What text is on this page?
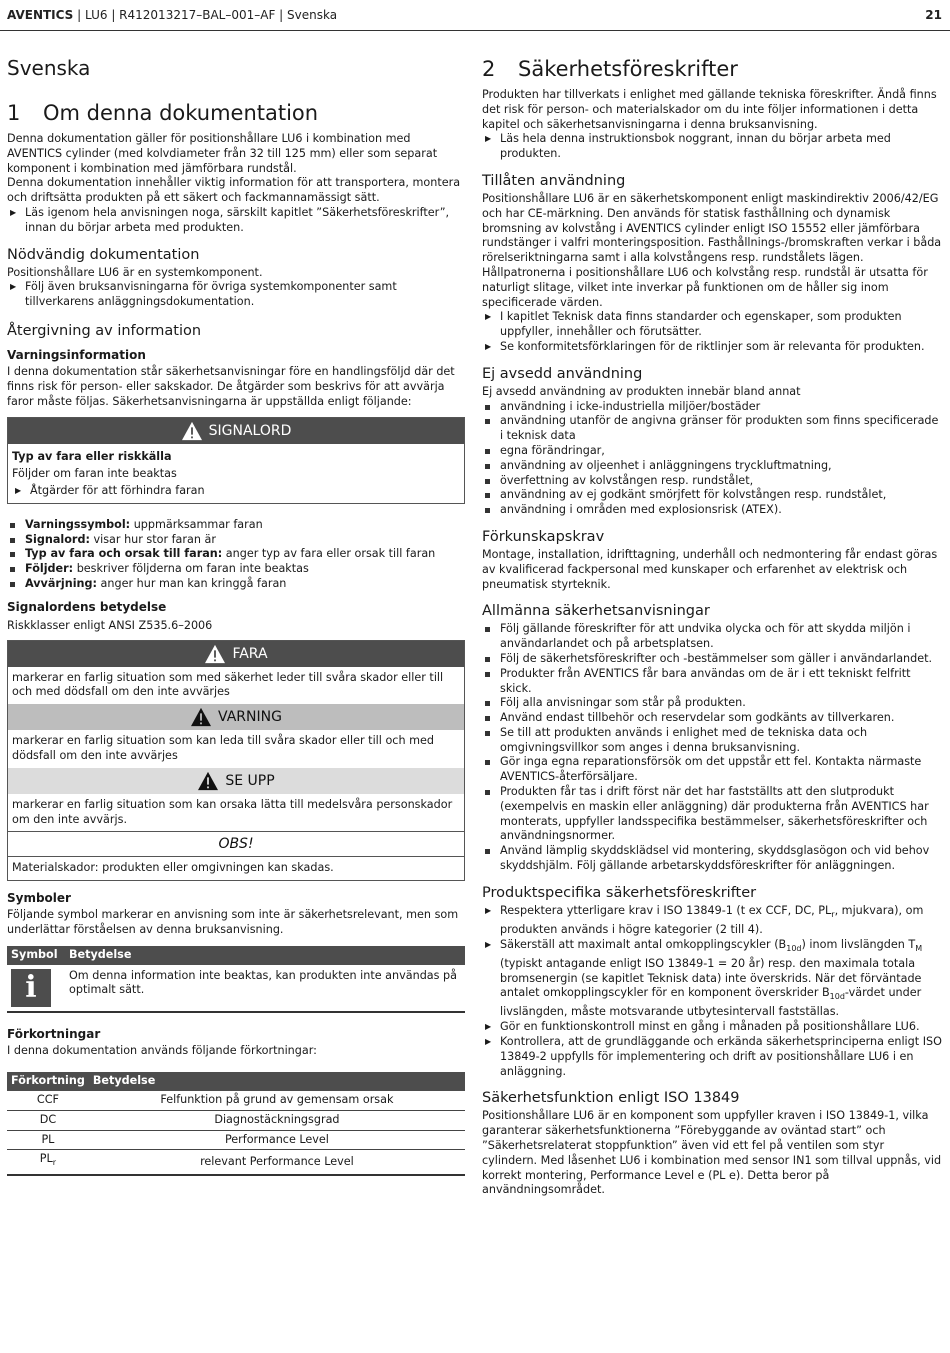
AVENTICS | LU6 | R412013217–BAL–001–AF | Svenska	21
Svenska
1 Om denna dokumentation

Denna dokumentation gäller för positionshållare LU6 i kombination med AVENTICS cylinder (med kolvdiameter från 32 till 125 mm) eller som separat komponent i kombination med jämförbara rundstål.

Denna dokumentation innehåller viktig information för att transportera, montera och driftsätta produkten på ett säkert och fackmannamässigt sätt.

▶ Läs igenom hela anvisningen noga, särskilt kapitlet ”Säkerhetsföreskrifter”, innan du börjar arbeta med produkten.
Nödvändig dokumentation

Positionshållare LU6 är en systemkomponent.

▶ Följ även bruksanvisningarna för övriga systemkomponenter samt tillverkarens anläggningsdokumentation.
Återgivning av information
Varningsinformation

I denna dokumentation står säkerhetsanvisningar före en handlingsföljd där det finns risk för person- eller sakskador. De åtgärder som beskrivs för att avvärja faror måste följas. Säkerhetsanvisningarna är uppställda enligt följande:

SIGNALORD
Typ av fara eller riskkälla
Följder om faran inte beaktas
▶ Åtgärder för att förhindra faran
Varningssymbol: uppmärksammar faran
Signalord: visar hur stor faran är
Typ av fara och orsak till faran: anger typ av fara eller orsak till faran
Följder: beskriver följderna om faran inte beaktas
Avvärjning: anger hur man kan kringgå faran
Signalordens betydelse

Riskklasser enligt ANSI Z535.6–2006

FARA
markerar en farlig situation som med säkerhet leder till svåra skador eller till och med dödsfall om den inte avvärjes
VARNING
markerar en farlig situation som kan leda till svåra skador eller till och med dödsfall om den inte avvärjes
SE UPP
markerar en farlig situation som kan orsaka lätta till medelsvåra personskador om den inte avvärjs.
OBS!
Materialskador: produkten eller omgivningen kan skadas.
Symboler

Följande symbol markerar en anvisning som inte är säkerhetsrelevant, men som underlättar förståelsen av denna bruksanvisning.

Symbol	Betydelse

i	Om denna information inte beaktas, kan produkten inte användas på optimalt sätt.
Förkortningar

I denna dokumentation används följande förkortningar:

Förkortning	Betydelse
CCF	Felfunktion på grund av gemensam orsak
DC	Diagnostäckningsgrad
PL	Performance Level
$PL_r$	relevant Performance Level
2 Säkerhetsföreskrifter

Produkten har tillverkats i enlighet med gällande tekniska föreskrifter. Ändå finns det risk för person- och materialskador om du inte följer informationen i detta kapitel och säkerhetsanvisningarna i denna bruksanvisning.

▶ Läs hela denna instruktionsbok noggrant, innan du börjar arbeta med produkten.
Tillåten användning

Positionshållare LU6 är en säkerhetskomponent enligt maskindirektiv 2006/42/EG och har CE-märkning. Den används för statisk fasthållning och dynamisk bromsning av kolvstång i AVENTICS cylinder enligt ISO 15552 eller jämförbara rundstänger i valfri monteringsposition. Fasthållnings-/bromskraften verkar i båda rörelseriktningarna samt i alla kolvstångens resp. rundstålets lägen. Hållpatronerna i positionshållare LU6 och kolvstång resp. rundstål är utsatta för naturligt slitage, vilket inte inverkar på funktionen om de håller sig inom specificerade värden.

▶ I kapitlet Teknisk data finns standarder och egenskaper, som produkten uppfyller, innehåller och förutsätter.
▶ Se konformitetsförklaringen för de riktlinjer som är relevanta för produkten.
Ej avsedd användning

Ej avsedd användning av produkten innebär bland annat

användning i icke-industriella miljöer/bostäder
användning utanför de angivna gränser för produkten som finns specificerade i teknisk data
egna förändringar,
användning av oljeenhet i anläggningens tryckluftmatning,
överfettning av kolvstången resp. rundstålet,
användning av ej godkänt smörjfett för kolvstången resp. rundstålet,
användning i områden med explosionsrisk (ATEX).
Förkunskapskrav

Montage, installation, idrifttagning, underhåll och nedmontering får endast göras av kvalificerad fackpersonal med kunskaper och erfarenhet av elektrisk och pneumatisk styrteknik.

Allmänna säkerhetsanvisningar
Följ gällande föreskrifter för att undvika olycka och för att skydda miljön i användarlandet och på arbetsplatsen.
Följ de säkerhetsföreskrifter och -bestämmelser som gäller i användarlandet.
Produkter från AVENTICS får bara användas om de är i ett tekniskt felfritt skick.
Följ alla anvisningar som står på produkten.
Använd endast tillbehör och reservdelar som godkänts av tillverkaren.
Se till att produkten används i enlighet med de tekniska data och omgivningsvillkor som anges i denna bruksanvisning.
Gör inga egna reparationsförsök om det uppstår ett fel. Kontakta närmaste AVENTICS-återförsäljare.
Produkten får tas i drift först när det har fastställts att den slutprodukt (exempelvis en maskin eller anläggning) där produkterna från AVENTICS har monterats, uppfyller landsspecifika bestämmelser, säkerhetsföreskrifter och användningsnormer.
Använd lämplig skyddsklädsel vid montering, skyddsglasögon och vid behov skyddshjälm. Följ gällande arbetarskyddsföreskrifter för anläggningen.
Produktspecifika säkerhetsföreskrifter
▶ Respektera ytterligare krav i ISO 13849-1 (t ex CCF, DC, $PL_r$, mjukvara), om produkten används i högre kategorier (2 till 4).
▶ Säkerställ att maximalt antal omkopplingscykler $(B_{10d})$ inom livslängden $T_M$ (typiskt antagande enligt ISO 13849-1 = 20 år) resp. den maximala totala bromsenergin (se kapitlet Teknisk data) inte överskrids. När det förväntade antalet omkopplingscykler för en komponent överskrider $B_{10d}$-värdet under livslängden, måste motsvarande utbytesintervall fastställas.
▶ Gör en funktionskontroll minst en gång i månaden på positionshållare LU6.
▶ Kontrollera, att de grundläggande och erkända säkerhetsprinciperna enligt ISO 13849-2 uppfylls för implementering och drift av positionshållare LU6 i en anläggning.
Säkerhetsfunktion enligt ISO 13849

Positionshållare LU6 är en komponent som uppfyller kraven i ISO 13849-1, vilka garanterar säkerhetsfunktionerna ”Förebyggande av oväntad start” och ”Säkerhetsrelaterat stoppfunktion” även vid ett fel på ventilen som styr cylindern. Med låsenhet LU6 i kombination med sensor IN1 som tillval uppnås, vid korrekt montering, Performance Level e (PL e). Detta beror på användningsområdet.
